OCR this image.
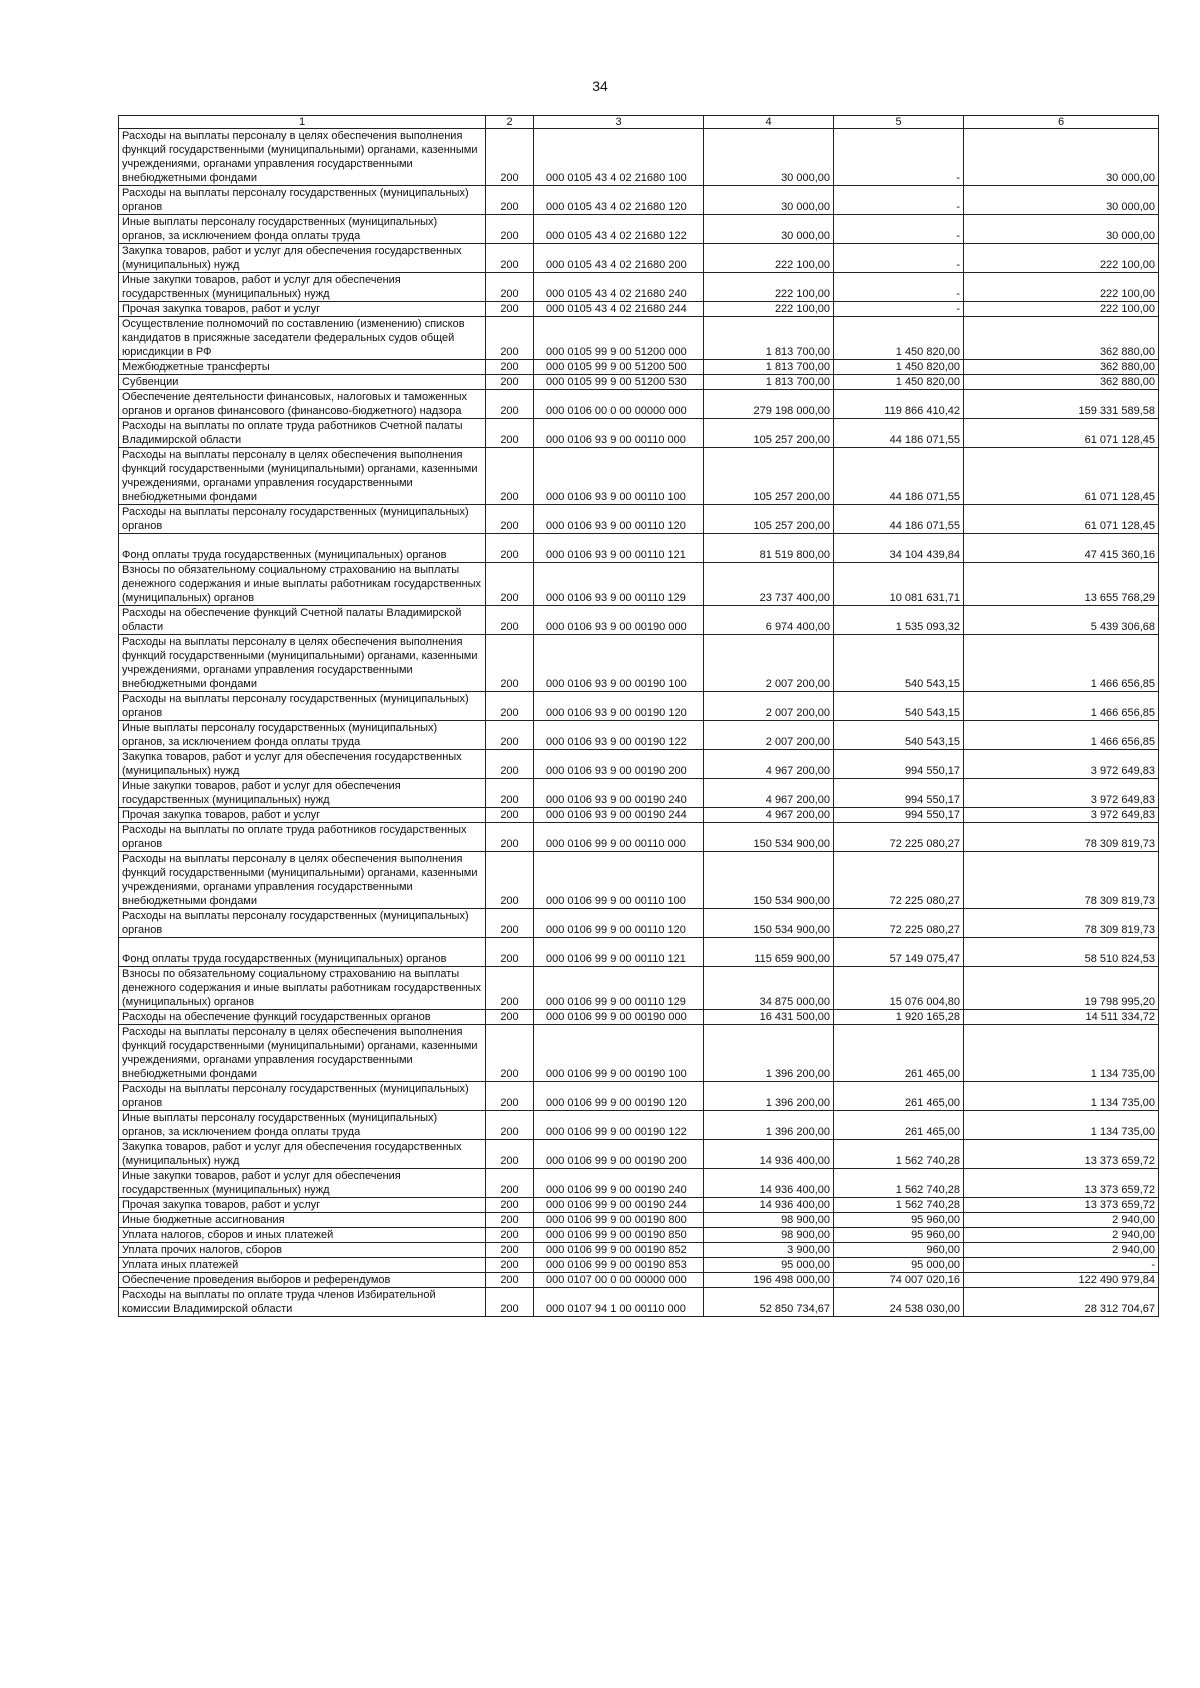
34
1	2	3	4	5	6
Расходы на выплаты персоналу в целях обеспечения выполнения функций государственными (муниципальными) органами, казенными учреждениями, органами управления государственными внебюджетными фондами	200	000 0105 43 4 02 21680 100	30 000,00	-	30 000,00
Расходы на выплаты персоналу государственных (муниципальных) органов	200	000 0105 43 4 02 21680 120	30 000,00	-	30 000,00
Иные выплаты персоналу государственных (муниципальных) органов, за исключением фонда оплаты труда	200	000 0105 43 4 02 21680 122	30 000,00	-	30 000,00
Закупка товаров, работ и услуг для обеспечения государственных (муниципальных) нужд	200	000 0105 43 4 02 21680 200	222 100,00	-	222 100,00
Иные закупки товаров, работ и услуг для обеспечения государственных (муниципальных) нужд	200	000 0105 43 4 02 21680 240	222 100,00	-	222 100,00
Прочая закупка товаров, работ и услуг	200	000 0105 43 4 02 21680 244	222 100,00	-	222 100,00
Осуществление полномочий по составлению (изменению) списков кандидатов в присяжные заседатели федеральных судов общей юрисдикции в РФ	200	000 0105 99 9 00 51200 000	1 813 700,00	1 450 820,00	362 880,00
Межбюджетные трансферты	200	000 0105 99 9 00 51200 500	1 813 700,00	1 450 820,00	362 880,00
Субвенции	200	000 0105 99 9 00 51200 530	1 813 700,00	1 450 820,00	362 880,00
Обеспечение деятельности финансовых, налоговых и таможенных органов и органов финансового (финансово-бюджетного) надзора	200	000 0106 00 0 00 00000 000	279 198 000,00	119 866 410,42	159 331 589,58
Расходы на выплаты по оплате труда работников Счетной палаты Владимирской области	200	000 0106 93 9 00 00110 000	105 257 200,00	44 186 071,55	61 071 128,45
Расходы на выплаты персоналу в целях обеспечения выполнения функций государственными (муниципальными) органами, казенными учреждениями, органами управления государственными внебюджетными фондами	200	000 0106 93 9 00 00110 100	105 257 200,00	44 186 071,55	61 071 128,45
Расходы на выплаты персоналу государственных (муниципальных) органов	200	000 0106 93 9 00 00110 120	105 257 200,00	44 186 071,55	61 071 128,45
Фонд оплаты труда государственных (муниципальных) органов	200	000 0106 93 9 00 00110 121	81 519 800,00	34 104 439,84	47 415 360,16
Взносы по обязательному социальному страхованию на выплаты денежного содержания и иные выплаты работникам государственных (муниципальных) органов	200	000 0106 93 9 00 00110 129	23 737 400,00	10 081 631,71	13 655 768,29
Расходы на обеспечение функций Счетной палаты Владимирской области	200	000 0106 93 9 00 00190 000	6 974 400,00	1 535 093,32	5 439 306,68
Расходы на выплаты персоналу в целях обеспечения выполнения функций государственными (муниципальными) органами, казенными учреждениями, органами управления государственными внебюджетными фондами	200	000 0106 93 9 00 00190 100	2 007 200,00	540 543,15	1 466 656,85
Расходы на выплаты персоналу государственных (муниципальных) органов	200	000 0106 93 9 00 00190 120	2 007 200,00	540 543,15	1 466 656,85
Иные выплаты персоналу государственных (муниципальных) органов, за исключением фонда оплаты труда	200	000 0106 93 9 00 00190 122	2 007 200,00	540 543,15	1 466 656,85
Закупка товаров, работ и услуг для обеспечения государственных (муниципальных) нужд	200	000 0106 93 9 00 00190 200	4 967 200,00	994 550,17	3 972 649,83
Иные закупки товаров, работ и услуг для обеспечения государственных (муниципальных) нужд	200	000 0106 93 9 00 00190 240	4 967 200,00	994 550,17	3 972 649,83
Прочая закупка товаров, работ и услуг	200	000 0106 93 9 00 00190 244	4 967 200,00	994 550,17	3 972 649,83
Расходы на выплаты по оплате труда работников государственных органов	200	000 0106 99 9 00 00110 000	150 534 900,00	72 225 080,27	78 309 819,73
Расходы на выплаты персоналу в целях обеспечения выполнения функций государственными (муниципальными) органами, казенными учреждениями, органами управления государственными внебюджетными фондами	200	000 0106 99 9 00 00110 100	150 534 900,00	72 225 080,27	78 309 819,73
Расходы на выплаты персоналу государственных (муниципальных) органов	200	000 0106 99 9 00 00110 120	150 534 900,00	72 225 080,27	78 309 819,73
Фонд оплаты труда государственных (муниципальных) органов	200	000 0106 99 9 00 00110 121	115 659 900,00	57 149 075,47	58 510 824,53
Взносы по обязательному социальному страхованию на выплаты денежного содержания и иные выплаты работникам государственных (муниципальных) органов	200	000 0106 99 9 00 00110 129	34 875 000,00	15 076 004,80	19 798 995,20
Расходы на обеспечение функций государственных органов	200	000 0106 99 9 00 00190 000	16 431 500,00	1 920 165,28	14 511 334,72
Расходы на выплаты персоналу в целях обеспечения выполнения функций государственными (муниципальными) органами, казенными учреждениями, органами управления государственными внебюджетными фондами	200	000 0106 99 9 00 00190 100	1 396 200,00	261 465,00	1 134 735,00
Расходы на выплаты персоналу государственных (муниципальных) органов	200	000 0106 99 9 00 00190 120	1 396 200,00	261 465,00	1 134 735,00
Иные выплаты персоналу государственных (муниципальных) органов, за исключением фонда оплаты труда	200	000 0106 99 9 00 00190 122	1 396 200,00	261 465,00	1 134 735,00
Закупка товаров, работ и услуг для обеспечения государственных (муниципальных) нужд	200	000 0106 99 9 00 00190 200	14 936 400,00	1 562 740,28	13 373 659,72
Иные закупки товаров, работ и услуг для обеспечения государственных (муниципальных) нужд	200	000 0106 99 9 00 00190 240	14 936 400,00	1 562 740,28	13 373 659,72
Прочая закупка товаров, работ и услуг	200	000 0106 99 9 00 00190 244	14 936 400,00	1 562 740,28	13 373 659,72
Иные бюджетные ассигнования	200	000 0106 99 9 00 00190 800	98 900,00	95 960,00	2 940,00
Уплата налогов, сборов и иных платежей	200	000 0106 99 9 00 00190 850	98 900,00	95 960,00	2 940,00
Уплата прочих налогов, сборов	200	000 0106 99 9 00 00190 852	3 900,00	960,00	2 940,00
Уплата иных платежей	200	000 0106 99 9 00 00190 853	95 000,00	95 000,00	-
Обеспечение проведения выборов и референдумов	200	000 0107 00 0 00 00000 000	196 498 000,00	74 007 020,16	122 490 979,84
Расходы на выплаты по оплате труда членов Избирательной комиссии Владимирской области	200	000 0107 94 1 00 00110 000	52 850 734,67	24 538 030,00	28 312 704,67
